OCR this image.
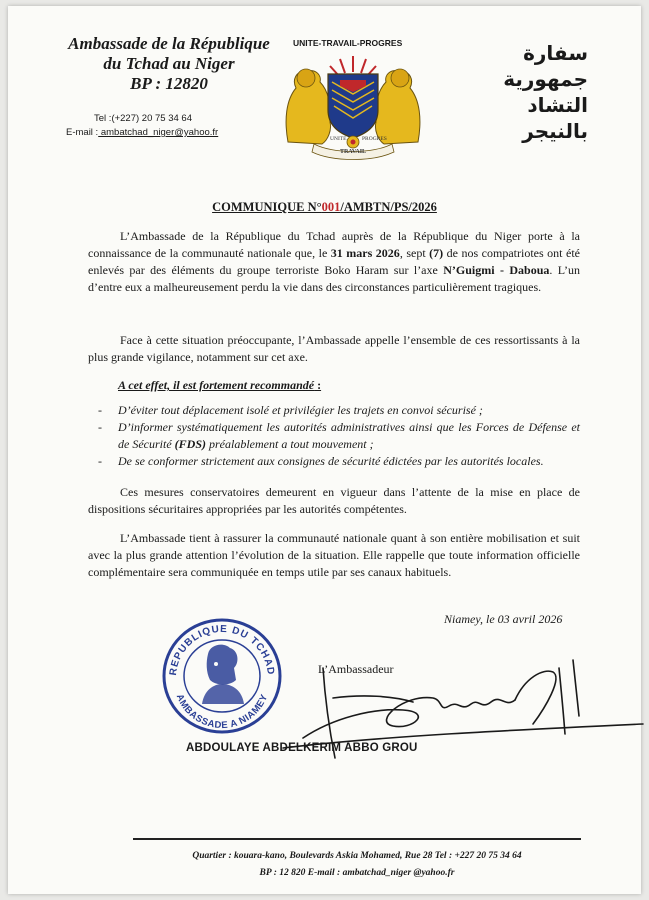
Ambassade de la République
du Tchad au Niger
BP : 12820
Tel :(+227) 20 75 34 64
E-mail : ambatchad_niger@yahoo.fr
UNITE-TRAVAIL-PROGRES
TRAVAIL
UNITE	PROGRES
سفارة
جمهورية التشاد
بالنيجر
COMMUNIQUE N°001/AMBTN/PS/2026
L’Ambassade de la République du Tchad auprès de la République du Niger porte à la connaissance de la communauté nationale que, le 31 mars 2026, sept (7) de nos compatriotes ont été enlevés par des éléments du groupe terroriste Boko Haram sur l’axe N’Guigmi - Daboua. L’un d’entre eux a malheureusement perdu la vie dans des circonstances particulièrement tragiques.
Face à cette situation préoccupante, l’Ambassade appelle l’ensemble de ces ressortissants à la plus grande vigilance, notamment sur cet axe.
A cet effet, il est fortement recommandé :
- D’éviter tout déplacement isolé et privilégier les trajets en convoi sécurisé ;
- D’informer systématiquement les autorités administratives ainsi que les Forces de Défense et de Sécurité (FDS) préalablement a tout mouvement ;
- De se conformer strictement aux consignes de sécurité édictées par les autorités locales.
Ces mesures conservatoires demeurent en vigueur dans l’attente de la mise en place de dispositions sécuritaires appropriées par les autorités compétentes.
L’Ambassade tient à rassurer la communauté nationale quant à son entière mobilisation et suit avec la plus grande attention l’évolution de la situation. Elle rappelle que toute information officielle complémentaire sera communiquée en temps utile par ses canaux habituels.
Niamey, le 03 avril 2026
REPUBLIQUE DU TCHAD
AMBASSADE A NIAMEY
L’Ambassadeur
ABDOULAYE ABDELKERIM ABBO GROU
Quartier : kouara-kano, Boulevards Askia Mohamed, Rue 28 Tel : +227 20 75 34 64
BP : 12 820 E-mail : ambatchad_niger @yahoo.fr
